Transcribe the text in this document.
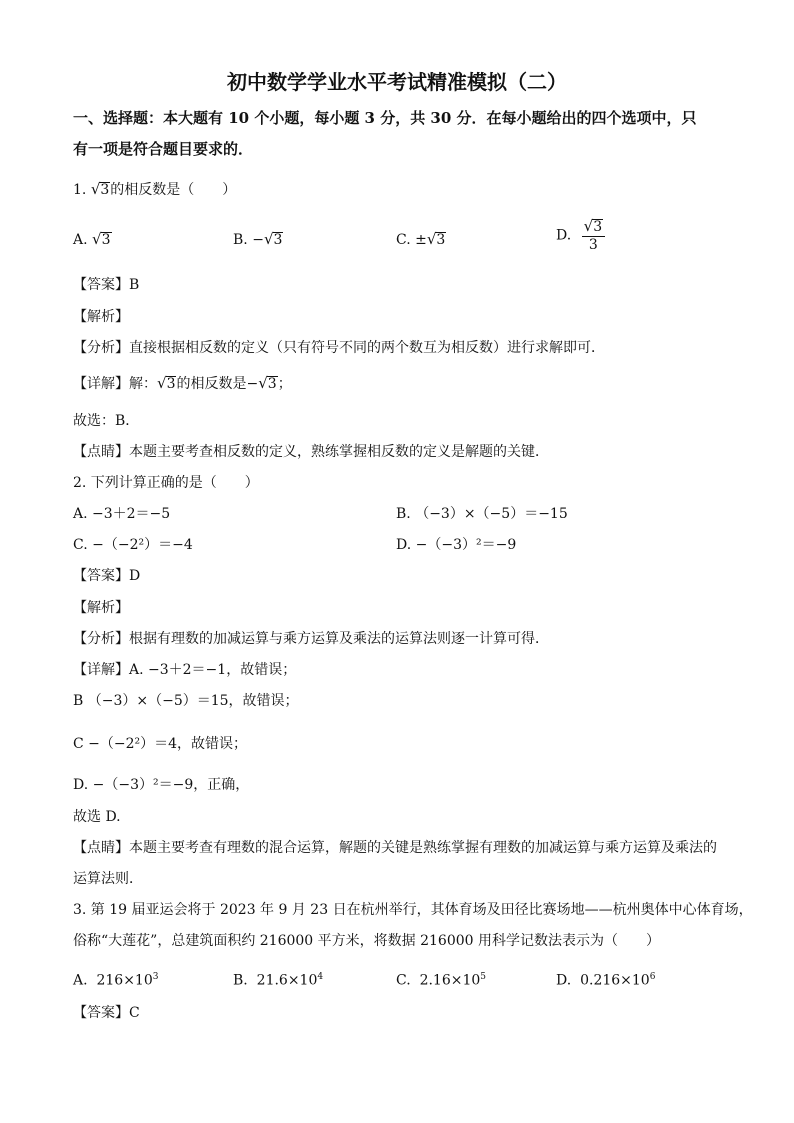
初中数学学业水平考试精准模拟（二）
一、选择题：本大题有 10 个小题，每小题 3 分，共 30 分．在每小题给出的四个选项中，只
有一项是符合题目要求的．
1. √3的相反数是（　　）
A. √3	B. −√3	C. ±√3	D. $\frac{√3}{3}$
【答案】B
【解析】
【分析】直接根据相反数的定义（只有符号不同的两个数互为相反数）进行求解即可．
【详解】解：√3的相反数是−√3；
故选：B．
【点睛】本题主要考查相反数的定义，熟练掌握相反数的定义是解题的关键．
2. 下列计算正确的是（　　）
A. −3＋2＝−5	B. （−3）×（−5）＝−15
C. −（−2²）＝−4	D. −（−3）²＝−9
【答案】D
【解析】
【分析】根据有理数的加减运算与乘方运算及乘法的运算法则逐一计算可得．
【详解】A. −3＋2＝−1，故错误；
B （−3）×（−5）＝15，故错误；
C −（−2²）＝4，故错误；
D. −（−3）²＝−9，正确，
故选 D.
【点睛】本题主要考查有理数的混合运算，解题的关键是熟练掌握有理数的加减运算与乘方运算及乘法的
运算法则．
3. 第 19 届亚运会将于 2023 年 9 月 23 日在杭州举行，其体育场及田径比赛场地——杭州奥体中心体育场，
俗称“大莲花”，总建筑面积约 216000 平方米，将数据 216000 用科学记数法表示为（　　）
A. $216\times 10^3$	B. $21.6\times 10^4$	C. $2.16\times 10^5$	D. $0.216\times 10^6$
【答案】C
